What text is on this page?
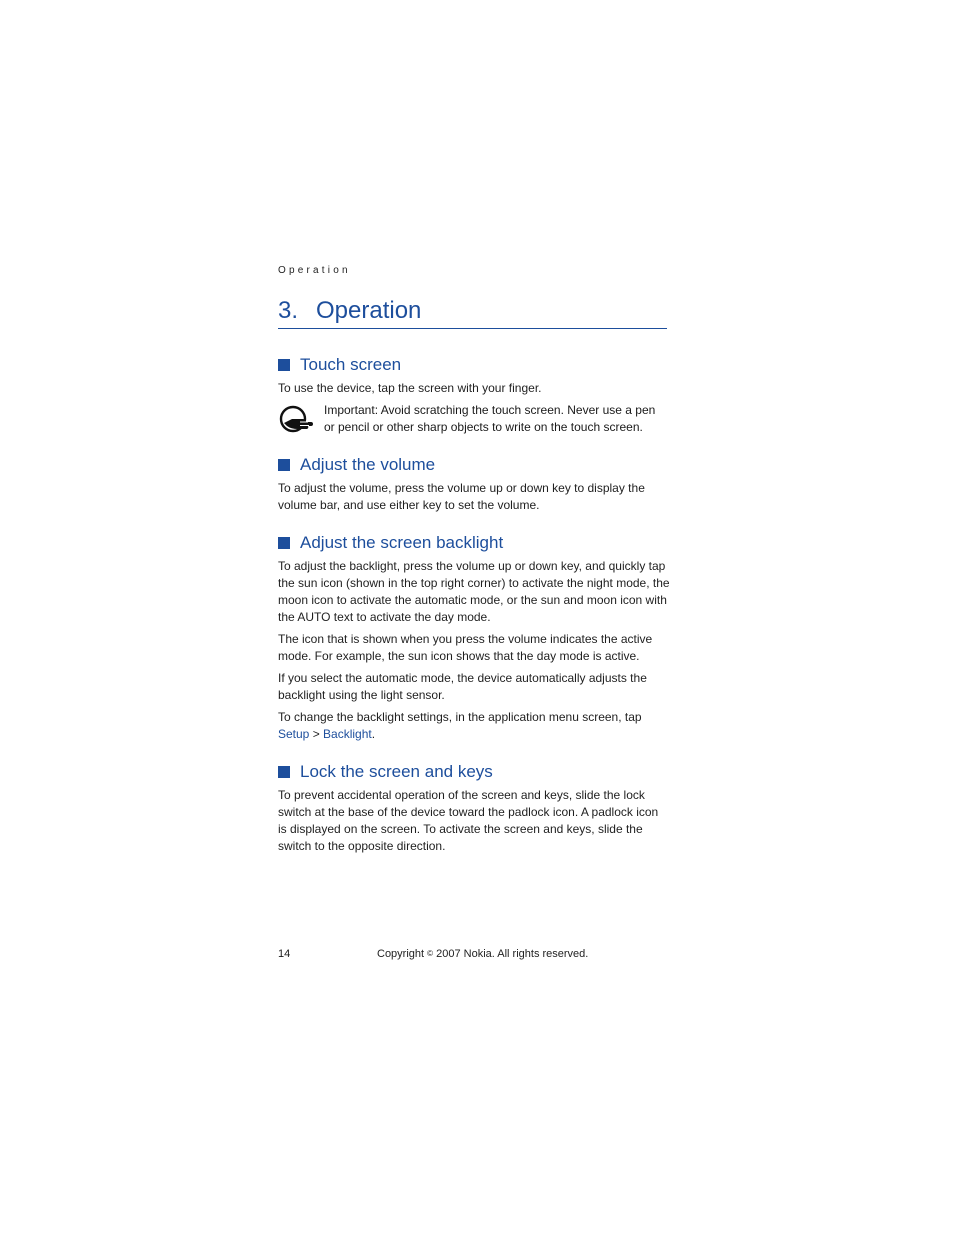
Operation
3. Operation
Touch screen

To use the device, tap the screen with your finger.

Important: Avoid scratching the touch screen. Never use a pen or pencil or other sharp objects to write on the touch screen.

Adjust the volume

To adjust the volume, press the volume up or down key to display the volume bar, and use either key to set the volume.

Adjust the screen backlight

To adjust the backlight, press the volume up or down key, and quickly tap the sun icon (shown in the top right corner) to activate the night mode, the moon icon to activate the automatic mode, or the sun and moon icon with the AUTO text to activate the day mode.

The icon that is shown when you press the volume indicates the active mode. For example, the sun icon shows that the day mode is active.

If you select the automatic mode, the device automatically adjusts the backlight using the light sensor.

To change the backlight settings, in the application menu screen, tap Setup > Backlight.

Lock the screen and keys

To prevent accidental operation of the screen and keys, slide the lock switch at the base of the device toward the padlock icon. A padlock icon is displayed on the screen. To activate the screen and keys, slide the switch to the opposite direction.

14	Copyright © 2007 Nokia. All rights reserved.
